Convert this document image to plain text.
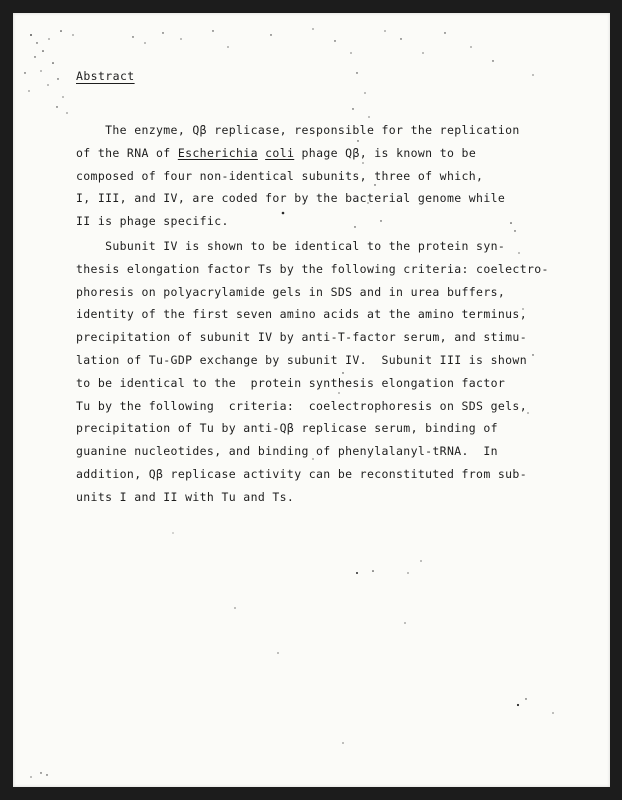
Abstract
The enzyme, Qβ replicase, responsible for the replication
of the RNA of Escherichia coli phage Qβ, is known to be
composed of four non-identical subunits, three of which,
I, III, and IV, are coded for by the bacterial genome while
II is phage specific.
Subunit IV is shown to be identical to the protein syn-
thesis elongation factor Ts by the following criteria: coelectro-
phoresis on polyacrylamide gels in SDS and in urea buffers,
identity of the first seven amino acids at the amino terminus,
precipitation of subunit IV by anti-T-factor serum, and stimu-
lation of Tu-GDP exchange by subunit IV.  Subunit III is shown
to be identical to the  protein synthesis elongation factor
Tu by the following  criteria:  coelectrophoresis on SDS gels,
precipitation of Tu by anti-Qβ replicase serum, binding of
guanine nucleotides, and binding of phenylalanyl-tRNA.  In
addition, Qβ replicase activity can be reconstituted from sub-
units I and II with Tu and Ts.
